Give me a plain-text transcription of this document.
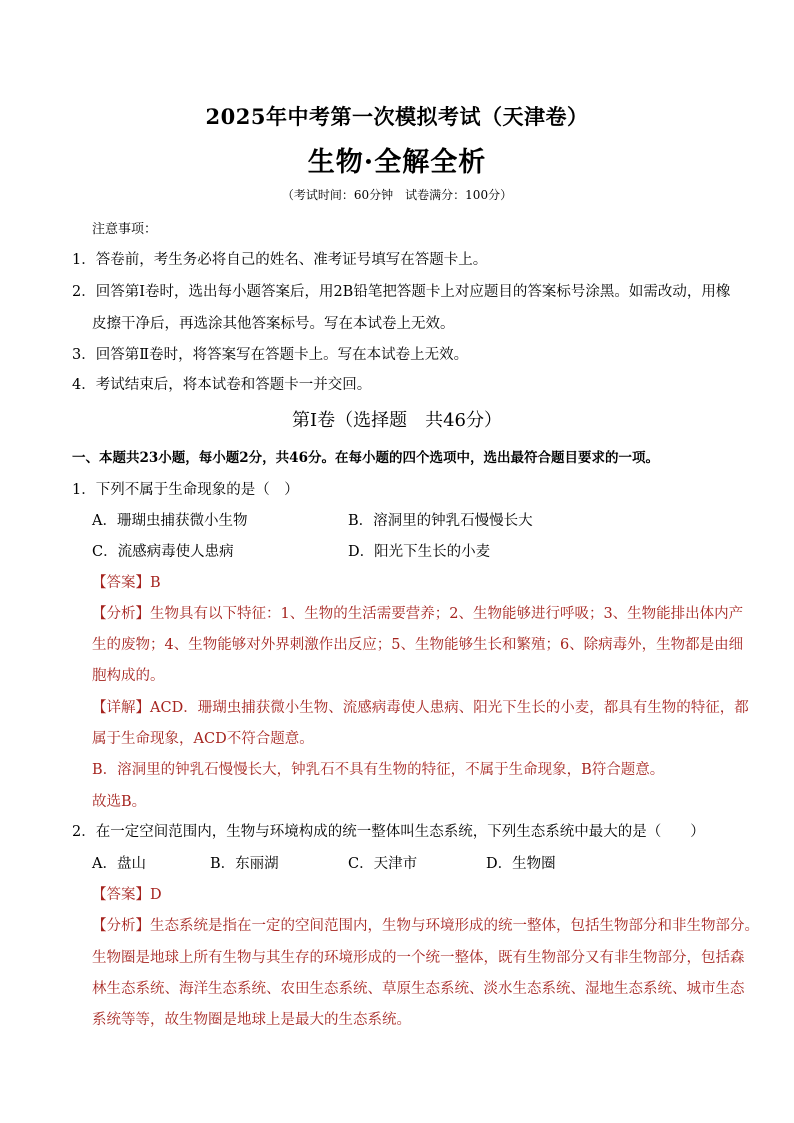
2025年中考第一次模拟考试（天津卷）
生物·全解全析
（考试时间：60分钟　试卷满分：100分）
注意事项：
1．答卷前，考生务必将自己的姓名、准考证号填写在答题卡上。
2．回答第Ⅰ卷时，选出每小题答案后，用2B铅笔把答题卡上对应题目的答案标号涂黑。如需改动，用橡
皮擦干净后，再选涂其他答案标号。写在本试卷上无效。
3．回答第Ⅱ卷时，将答案写在答题卡上。写在本试卷上无效。
4．考试结束后，将本试卷和答题卡一并交回。
第Ⅰ卷（选择题　共46分）
一、本题共23小题，每小题2分，共46分。在每小题的四个选项中，选出最符合题目要求的一项。
1．下列不属于生命现象的是（　）
A．珊瑚虫捕获微小生物	B．溶洞里的钟乳石慢慢长大
C．流感病毒使人患病	D．阳光下生长的小麦
【答案】B
【分析】生物具有以下特征：1、生物的生活需要营养；2、生物能够进行呼吸；3、生物能排出体内产
生的废物；4、生物能够对外界刺激作出反应；5、生物能够生长和繁殖；6、除病毒外，生物都是由细
胞构成的。
【详解】ACD．珊瑚虫捕获微小生物、流感病毒使人患病、阳光下生长的小麦，都具有生物的特征，都
属于生命现象，ACD不符合题意。
B．溶洞里的钟乳石慢慢长大，钟乳石不具有生物的特征，不属于生命现象，B符合题意。
故选B。
2．在一定空间范围内，生物与环境构成的统一整体叫生态系统，下列生态系统中最大的是（　　）
A．盘山	B．东丽湖	C．天津市	D．生物圈
【答案】D
【分析】生态系统是指在一定的空间范围内，生物与环境形成的统一整体，包括生物部分和非生物部分。
生物圈是地球上所有生物与其生存的环境形成的一个统一整体，既有生物部分又有非生物部分，包括森
林生态系统、海洋生态系统、农田生态系统、草原生态系统、淡水生态系统、湿地生态系统、城市生态
系统等等，故生物圈是地球上是最大的生态系统。
